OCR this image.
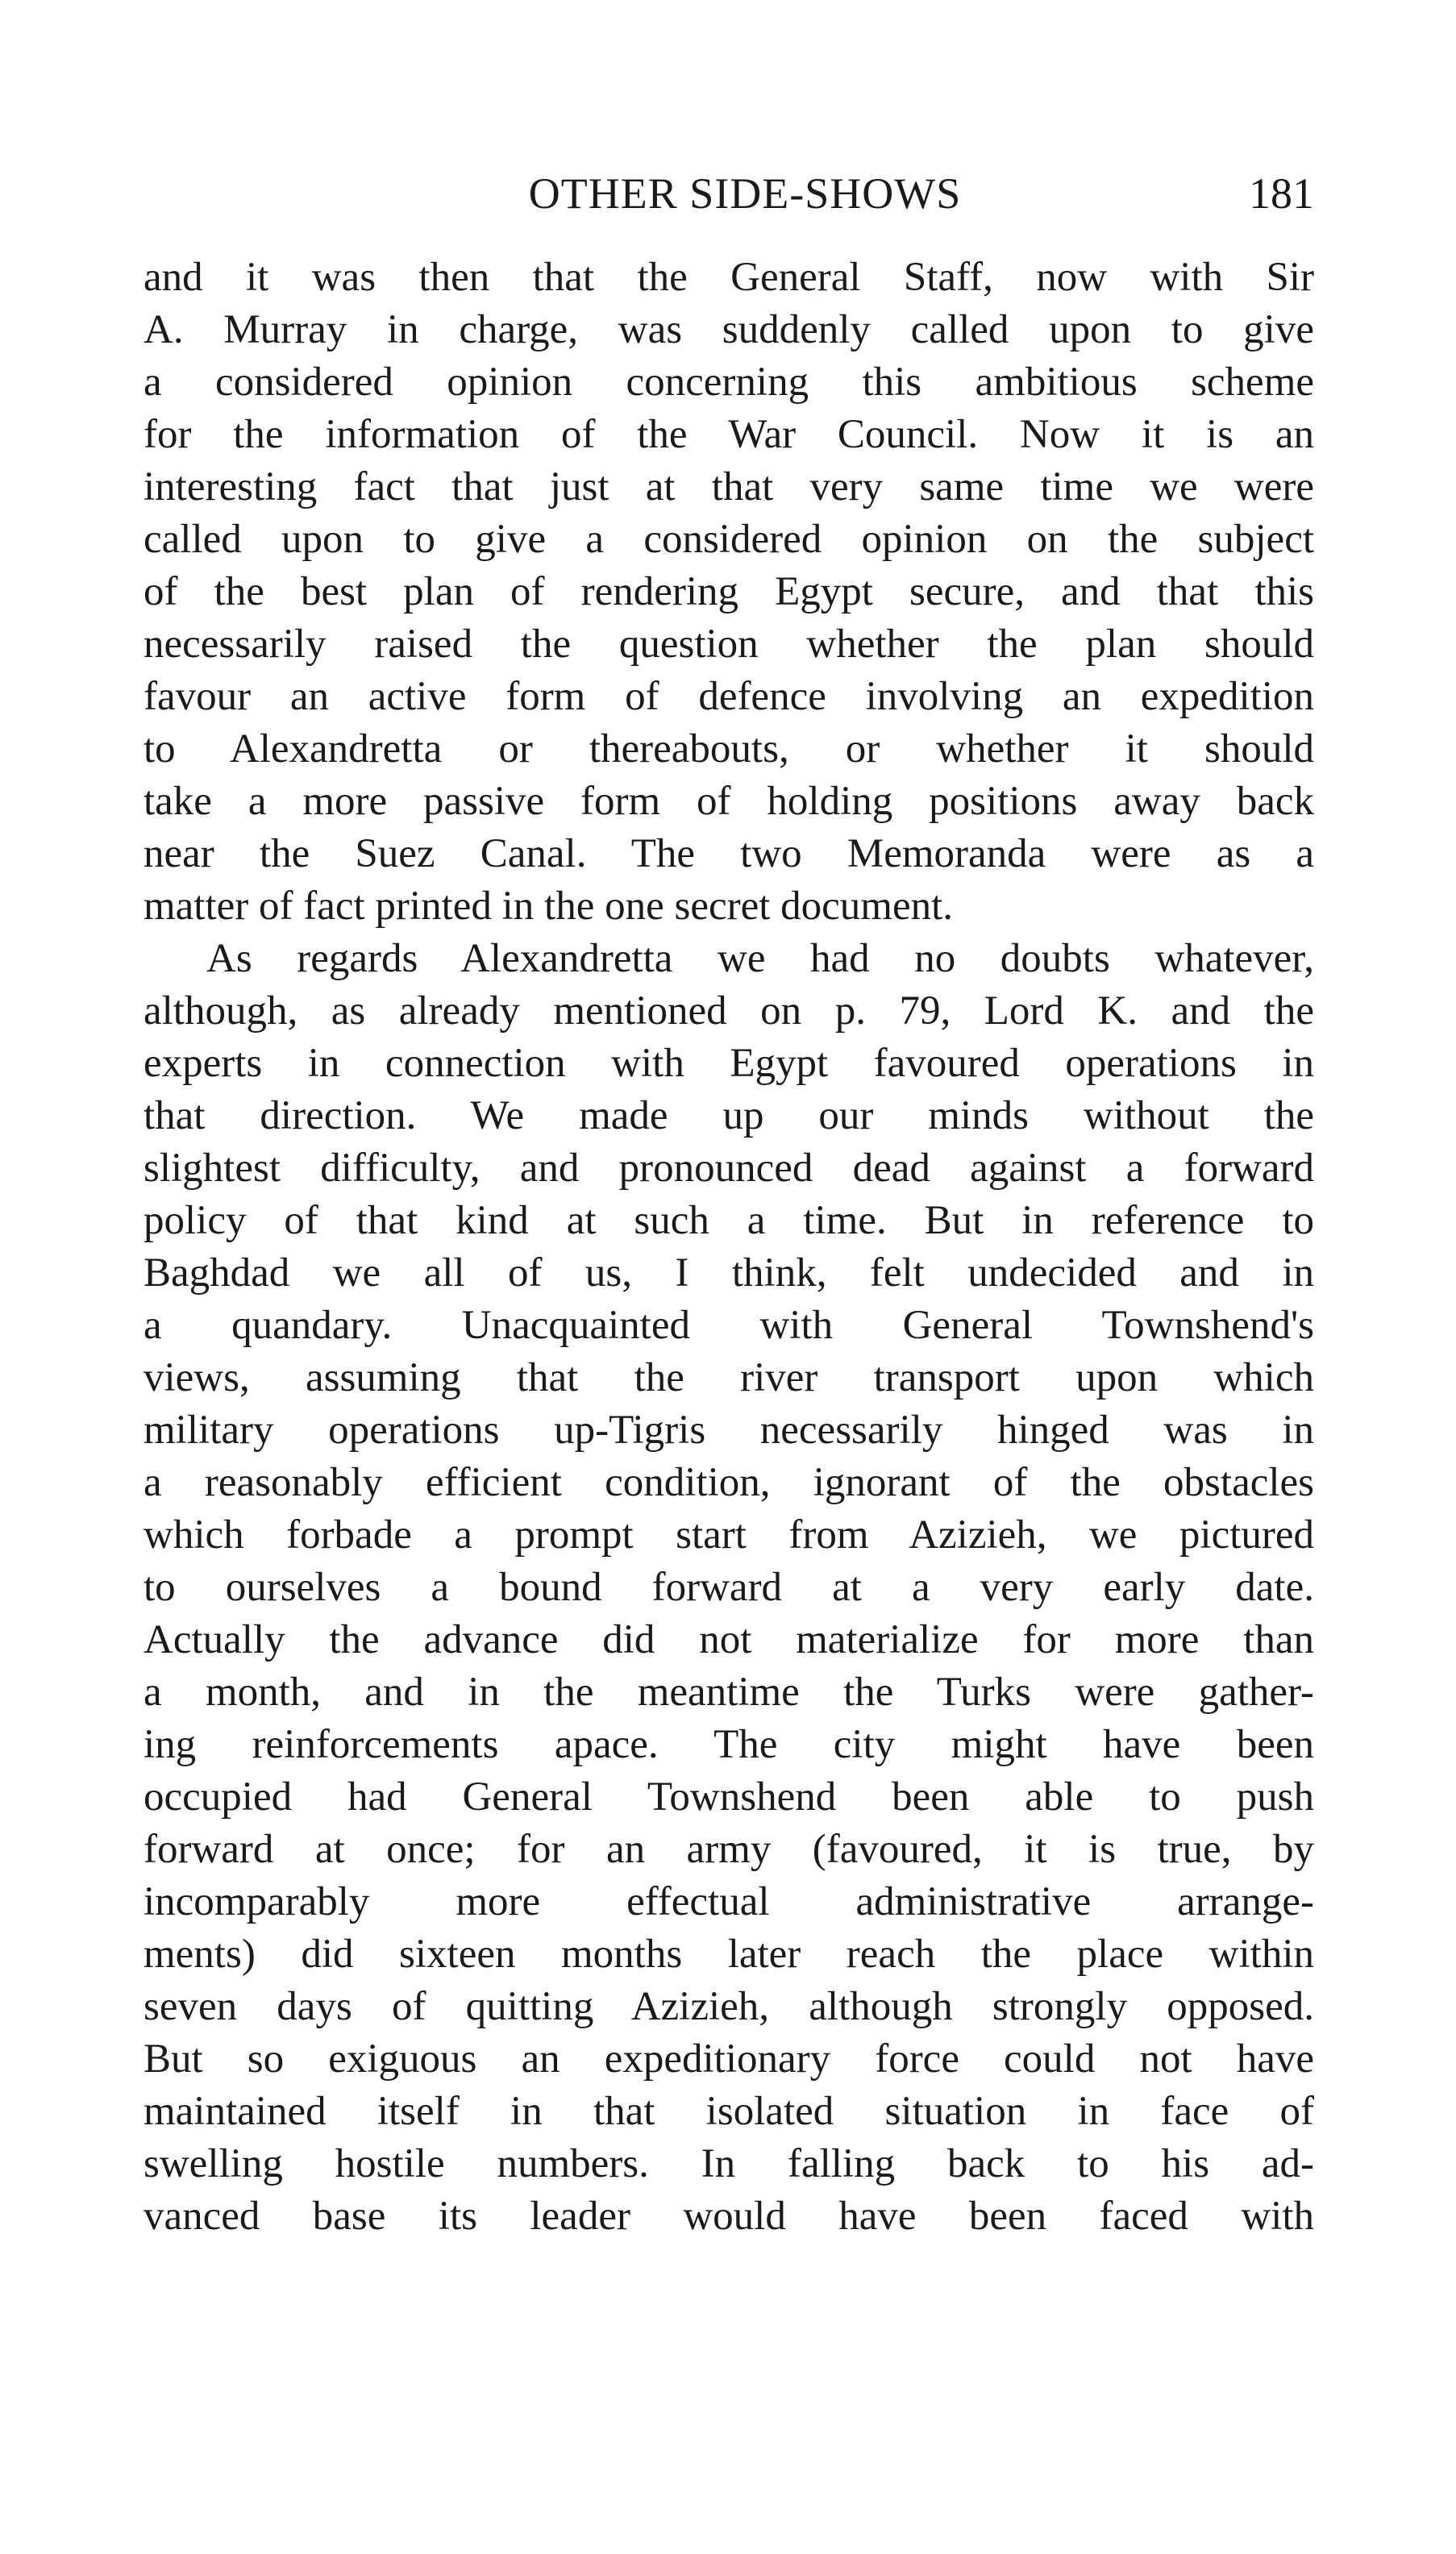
OTHER SIDE-SHOWS	181
and it was then that the General Staff, now with Sir
A. Murray in charge, was suddenly called upon to give
a considered opinion concerning this ambitious scheme
for the information of the War Council. Now it is an
interesting fact that just at that very same time we were
called upon to give a considered opinion on the subject
of the best plan of rendering Egypt secure, and that this
necessarily raised the question whether the plan should
favour an active form of defence involving an expedition
to Alexandretta or thereabouts, or whether it should
take a more passive form of holding positions away back
near the Suez Canal. The two Memoranda were as a
matter of fact printed in the one secret document.
As regards Alexandretta we had no doubts whatever,
although, as already mentioned on p. 79, Lord K. and the
experts in connection with Egypt favoured operations in
that direction. We made up our minds without the
slightest difficulty, and pronounced dead against a forward
policy of that kind at such a time. But in reference to
Baghdad we all of us, I think, felt undecided and in
a quandary. Unacquainted with General Townshend's
views, assuming that the river transport upon which
military operations up-Tigris necessarily hinged was in
a reasonably efficient condition, ignorant of the obstacles
which forbade a prompt start from Azizieh, we pictured
to ourselves a bound forward at a very early date.
Actually the advance did not materialize for more than
a month, and in the meantime the Turks were gather-
ing reinforcements apace. The city might have been
occupied had General Townshend been able to push
forward at once; for an army (favoured, it is true, by
incomparably more effectual administrative arrange-
ments) did sixteen months later reach the place within
seven days of quitting Azizieh, although strongly opposed.
But so exiguous an expeditionary force could not have
maintained itself in that isolated situation in face of
swelling hostile numbers. In falling back to his ad-
vanced base its leader would have been faced with
